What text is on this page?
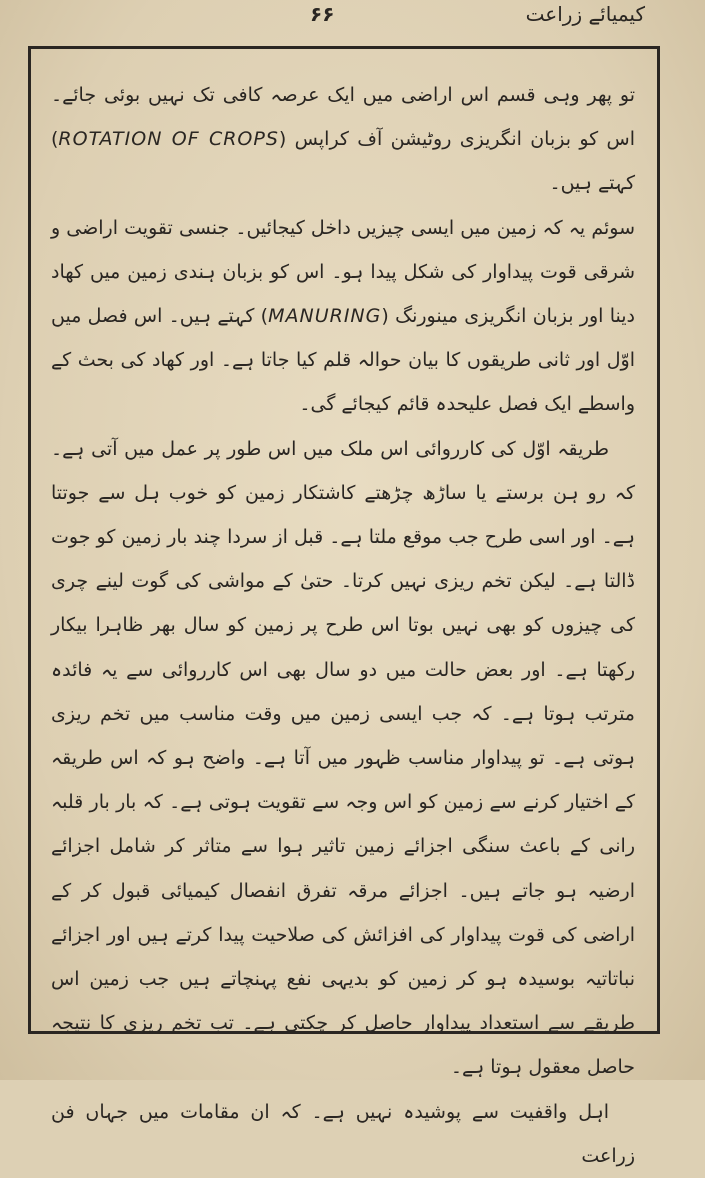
۶۶	کیمیائے زراعت

تو پھر وہی قسم اس اراضی میں ایک عرصہ کافی تک نہیں بوئی جائے۔ اس کو بزبان انگریزی روٹیشن آف کراپس (ROTATION OF CROPS) کہتے ہیں۔

سوئم یہ کہ زمین میں ایسی چیزیں داخل کیجائیں۔ جنسی تقویت اراضی و شرقی قوت پیداوار کی شکل پیدا ہو۔ اس کو بزبان ہندی زمین میں کھاد دینا اور بزبان انگریزی مینورنگ (MANURING) کہتے ہیں۔ اس فصل میں اوّل اور ثانی طریقوں کا بیان حوالہ قلم کیا جاتا ہے۔ اور کھاد کی بحث کے واسطے ایک فصل علیحدہ قائم کیجائے گی۔

طریقہ اوّل کی کارروائی اس ملک میں اس طور پر عمل میں آتی ہے۔ کہ رو ہن برستے یا ساڑھ چڑھتے کاشتکار زمین کو خوب ہل سے جوتتا ہے۔ اور اسی طرح جب موقع ملتا ہے۔ قبل از سردا چند بار زمین کو جوت ڈالتا ہے۔ لیکن تخم ریزی نہیں کرتا۔ حتیٰ کے مواشی کی گوت لینے چری کی چیزوں کو بھی نہیں بوتا اس طرح پر زمین کو سال بھر ظاہرا بیکار رکھتا ہے۔ اور بعض حالت میں دو سال بھی اس کارروائی سے یہ فائدہ مترتب ہوتا ہے۔ کہ جب ایسی زمین میں وقت مناسب میں تخم ریزی ہوتی ہے۔ تو پیداوار مناسب ظہور میں آتا ہے۔ واضح ہو کہ اس طریقہ کے اختیار کرنے سے زمین کو اس وجہ سے تقویت ہوتی ہے۔ کہ بار بار قلبہ رانی کے باعث سنگی اجزائے زمین تاثیر ہوا سے متاثر کر شامل اجزائے ارضیہ ہو جاتے ہیں۔ اجزائے مرقہ تفرق انفصال کیمیائی قبول کر کے اراضی کی قوت پیداوار کی افزائش کی صلاحیت پیدا کرتے ہیں اور اجزائے نباتاتیہ بوسیدہ ہو کر زمین کو بدیہی نفع پہنچاتے ہیں جب زمین اس طریقے سے استعداد پیداوار حاصل کر چکتی ہے۔ تب تخم ریزی کا نتیجہ حاصل معقول ہوتا ہے۔

اہل واقفیت سے پوشیدہ نہیں ہے۔ کہ ان مقامات میں جہاں فن زراعت
